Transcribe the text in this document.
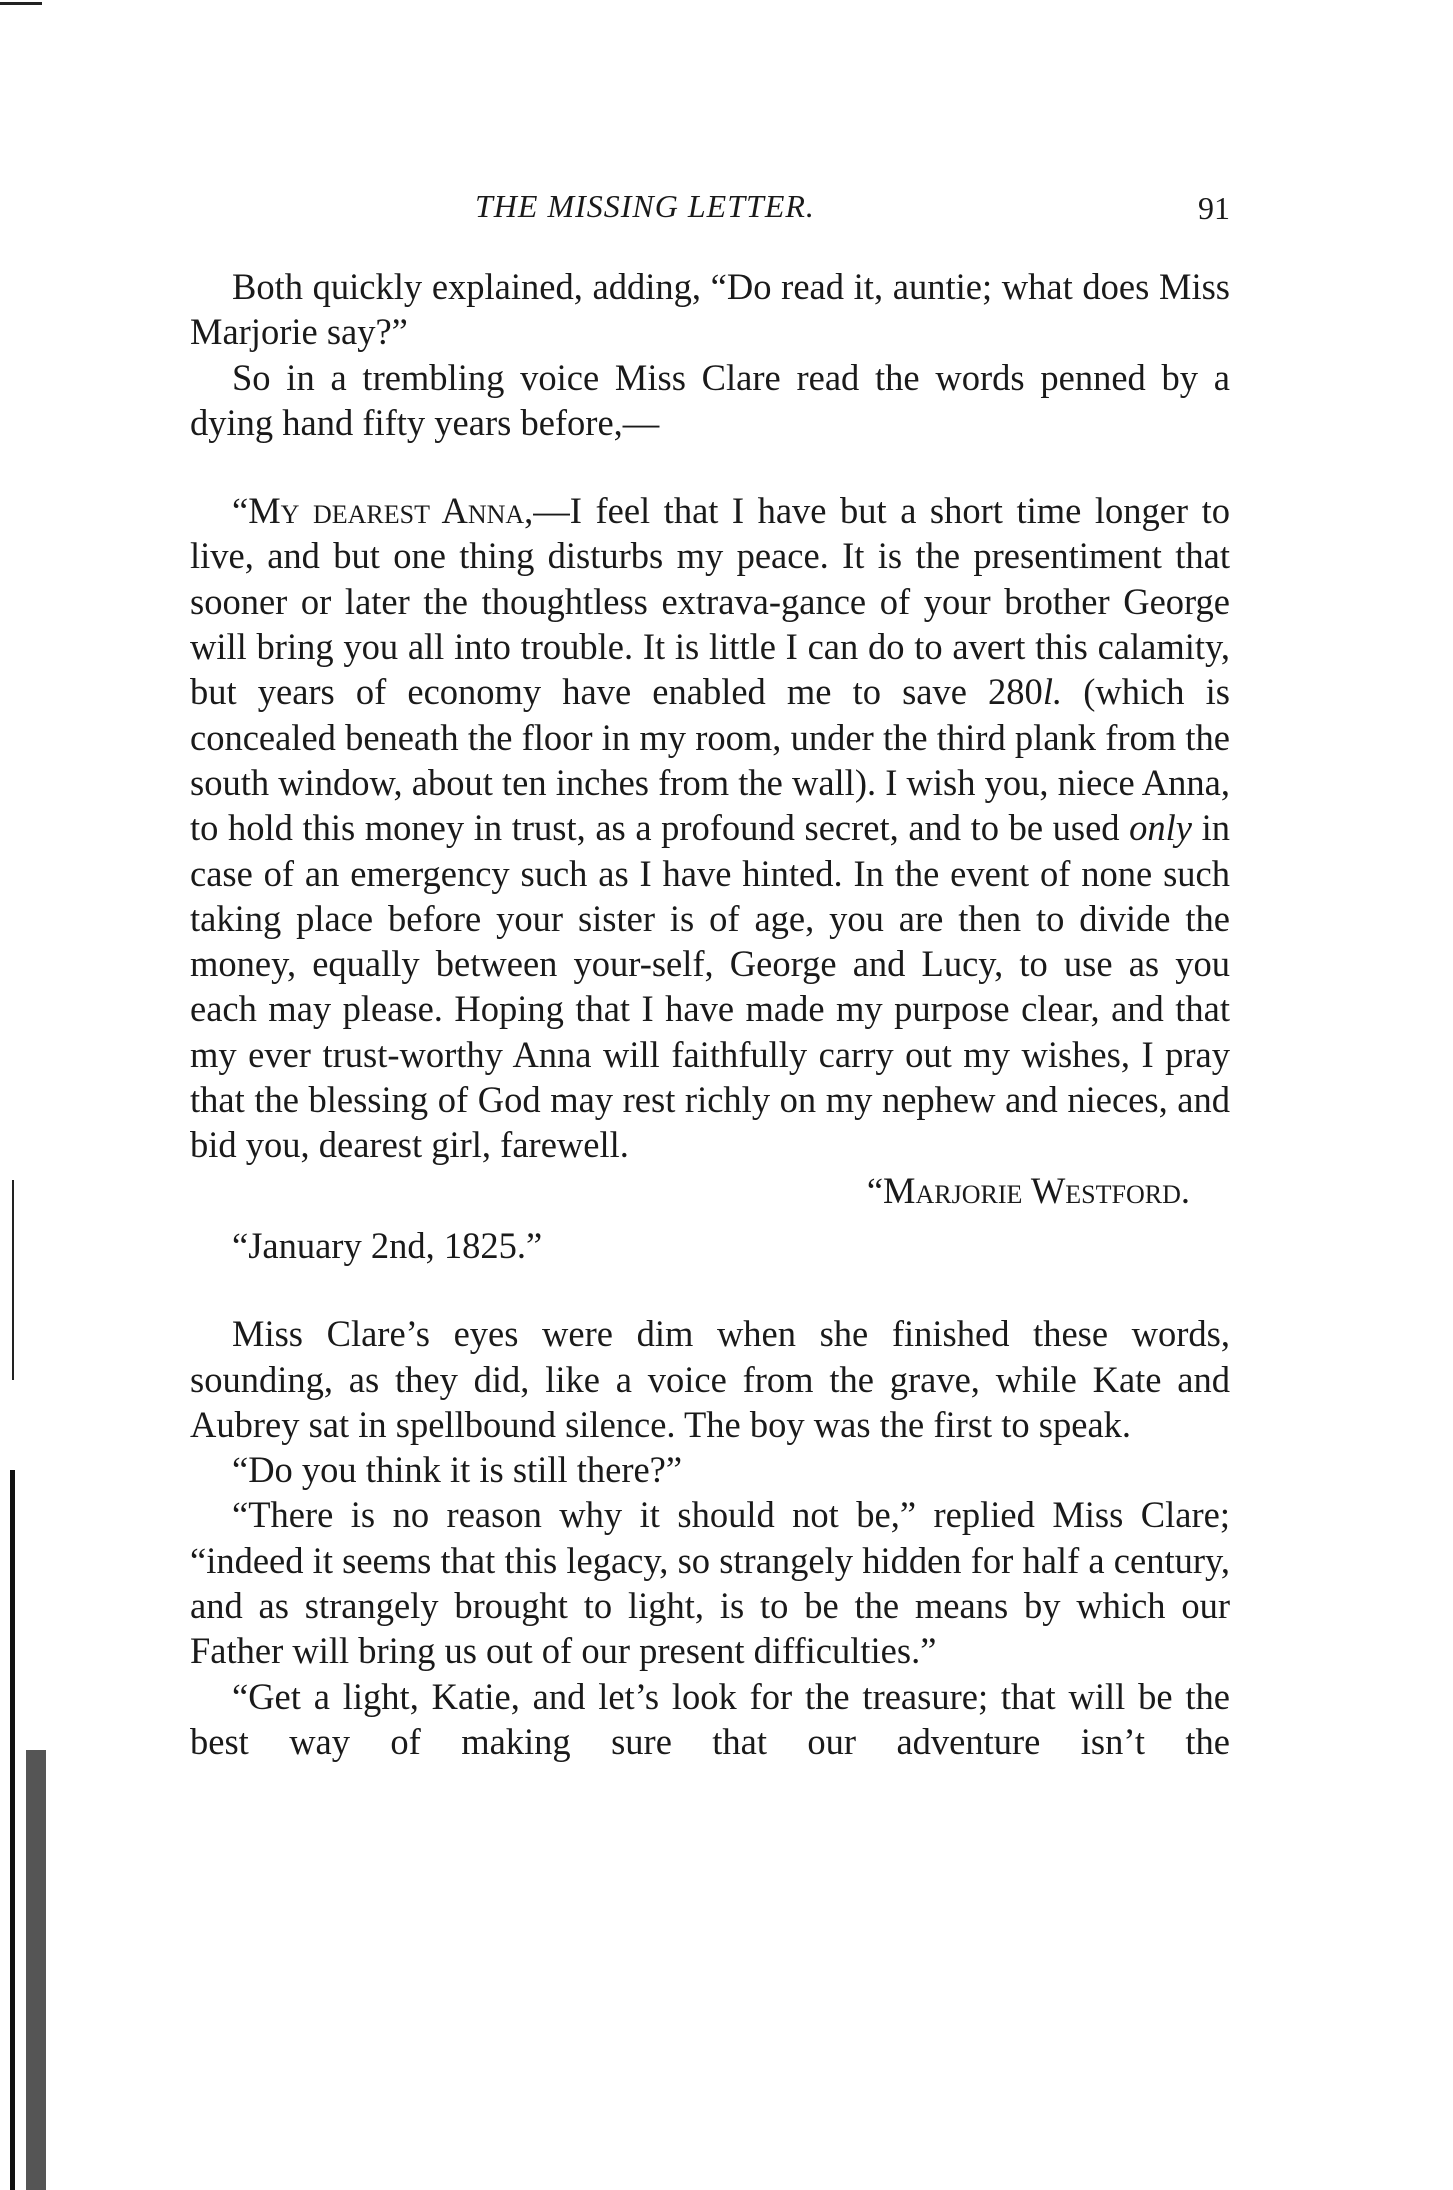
THE MISSING LETTER.	91

Both quickly explained, adding, “Do read it, auntie; what does Miss Marjorie say?”

So in a trembling voice Miss Clare read the words penned by a dying hand fifty years before,—

“My dearest Anna,—I feel that I have but a short time longer to live, and but one thing disturbs my peace. It is the presentiment that sooner or later the thoughtless extrava-gance of your brother George will bring you all into trouble. It is little I can do to avert this calamity, but years of economy have enabled me to save 280l. (which is concealed beneath the floor in my room, under the third plank from the south window, about ten inches from the wall). I wish you, niece Anna, to hold this money in trust, as a profound secret, and to be used only in case of an emergency such as I have hinted. In the event of none such taking place before your sister is of age, you are then to divide the money, equally between your-self, George and Lucy, to use as you each may please. Hoping that I have made my purpose clear, and that my ever trust-worthy Anna will faithfully carry out my wishes, I pray that the blessing of God may rest richly on my nephew and nieces, and bid you, dearest girl, farewell.

“Marjorie Westford.

“January 2nd, 1825.”

Miss Clare’s eyes were dim when she finished these words, sounding, as they did, like a voice from the grave, while Kate and Aubrey sat in spellbound silence. The boy was the first to speak.

“Do you think it is still there?”

“There is no reason why it should not be,” replied Miss Clare; “indeed it seems that this legacy, so strangely hidden for half a century, and as strangely brought to light, is to be the means by which our Father will bring us out of our present difficulties.”

“Get a light, Katie, and let’s look for the treasure; that will be the best way of making sure that our adventure isn’t the
